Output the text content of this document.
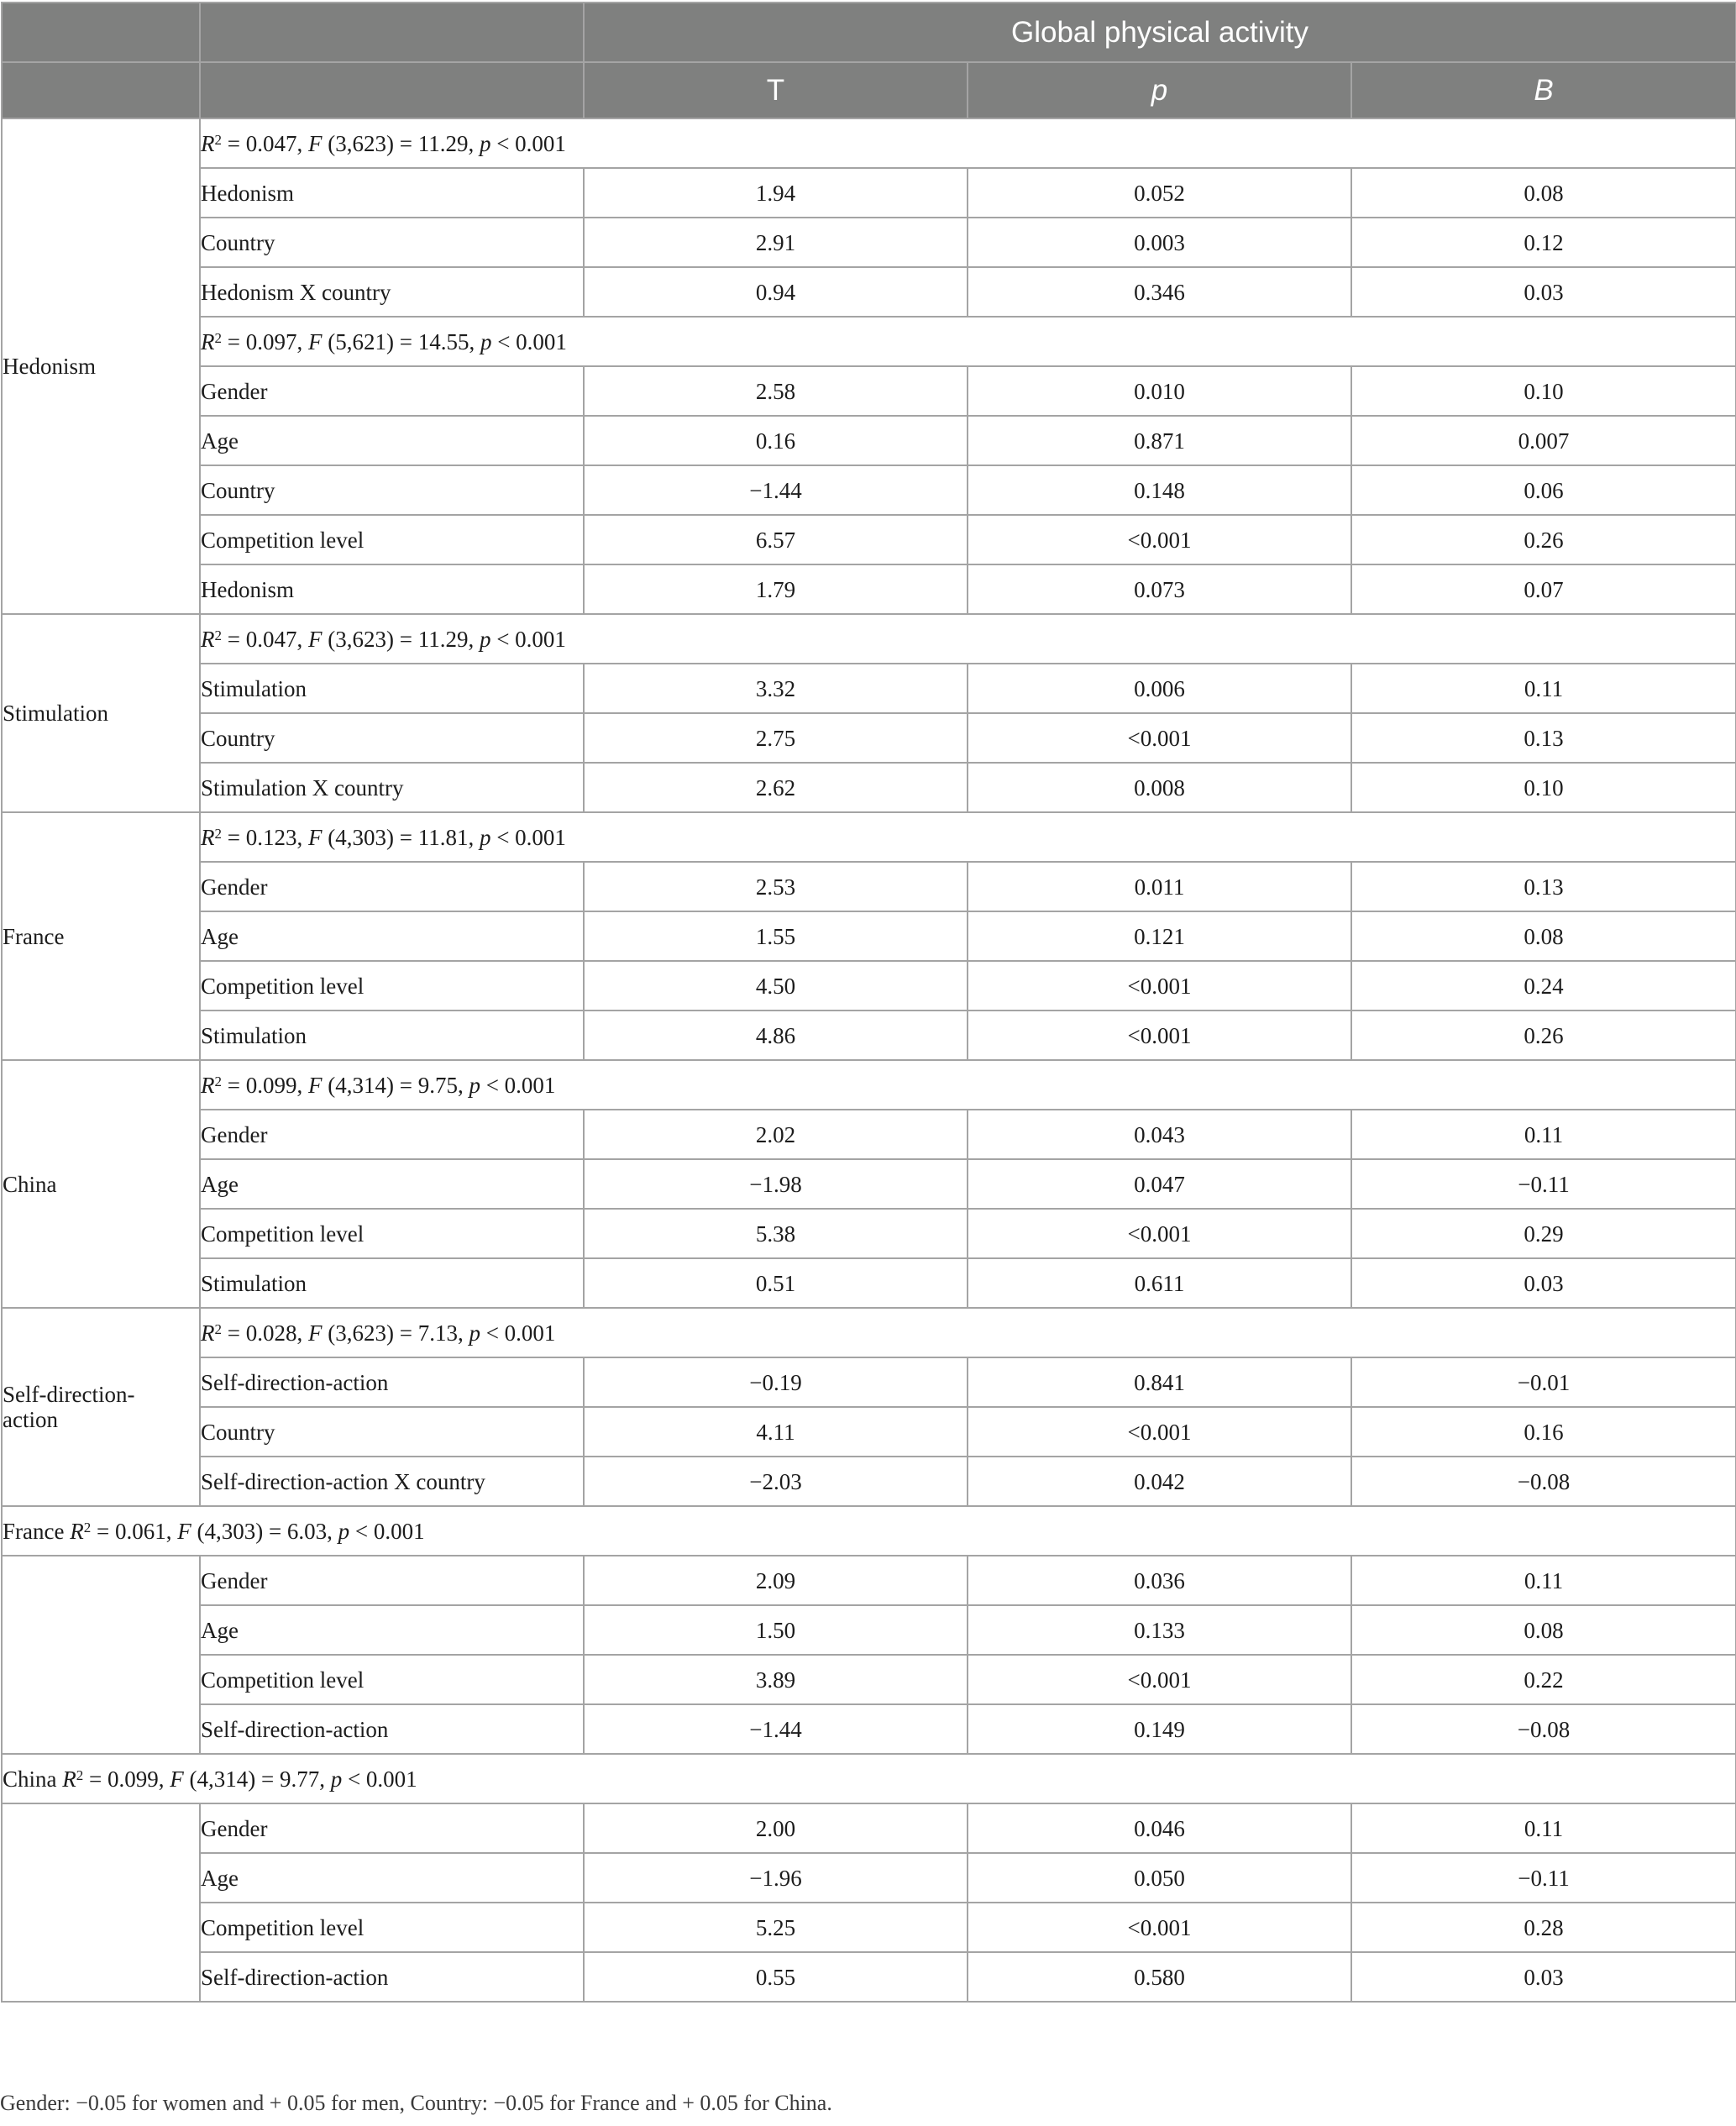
		Global physical activity		
		T	p	B
Hedonism	$R^2 = 0.047$, F (3,623) = 11.29, p < 0.001			
	Hedonism	1.94	0.052	0.08
	Country	2.91	0.003	0.12
	Hedonism X country	0.94	0.346	0.03
	$R^2 = 0.097$, F (5,621) = 14.55, p < 0.001			
	Gender	2.58	0.010	0.10
	Age	0.16	0.871	0.007
	Country	−1.44	0.148	0.06
	Competition level	6.57	<0.001	0.26
	Hedonism	1.79	0.073	0.07
Stimulation	$R^2 = 0.047$, F (3,623) = 11.29, p < 0.001			
	Stimulation	3.32	0.006	0.11
	Country	2.75	<0.001	0.13
	Stimulation X country	2.62	0.008	0.10
France	$R^2 = 0.123$, F (4,303) = 11.81, p < 0.001			
	Gender	2.53	0.011	0.13
	Age	1.55	0.121	0.08
	Competition level	4.50	<0.001	0.24
	Stimulation	4.86	<0.001	0.26
China	$R^2 = 0.099$, F (4,314) = 9.75, p < 0.001			
	Gender	2.02	0.043	0.11
	Age	−1.98	0.047	−0.11
	Competition level	5.38	<0.001	0.29
	Stimulation	0.51	0.611	0.03
Self-direction-
action	$R^2 = 0.028$, F (3,623) = 7.13, p < 0.001			
	Self-direction-action	−0.19	0.841	−0.01
	Country	4.11	<0.001	0.16
	Self-direction-action X country	−2.03	0.042	−0.08
France $R^2 = 0.061$, F (4,303) = 6.03, p < 0.001				
	Gender	2.09	0.036	0.11
	Age	1.50	0.133	0.08
	Competition level	3.89	<0.001	0.22
	Self-direction-action	−1.44	0.149	−0.08
China $R^2 = 0.099$, F (4,314) = 9.77, p < 0.001				
	Gender	2.00	0.046	0.11
	Age	−1.96	0.050	−0.11
	Competition level	5.25	<0.001	0.28
	Self-direction-action	0.55	0.580	0.03
Gender: −0.05 for women and + 0.05 for men, Country: −0.05 for France and + 0.05 for China.
